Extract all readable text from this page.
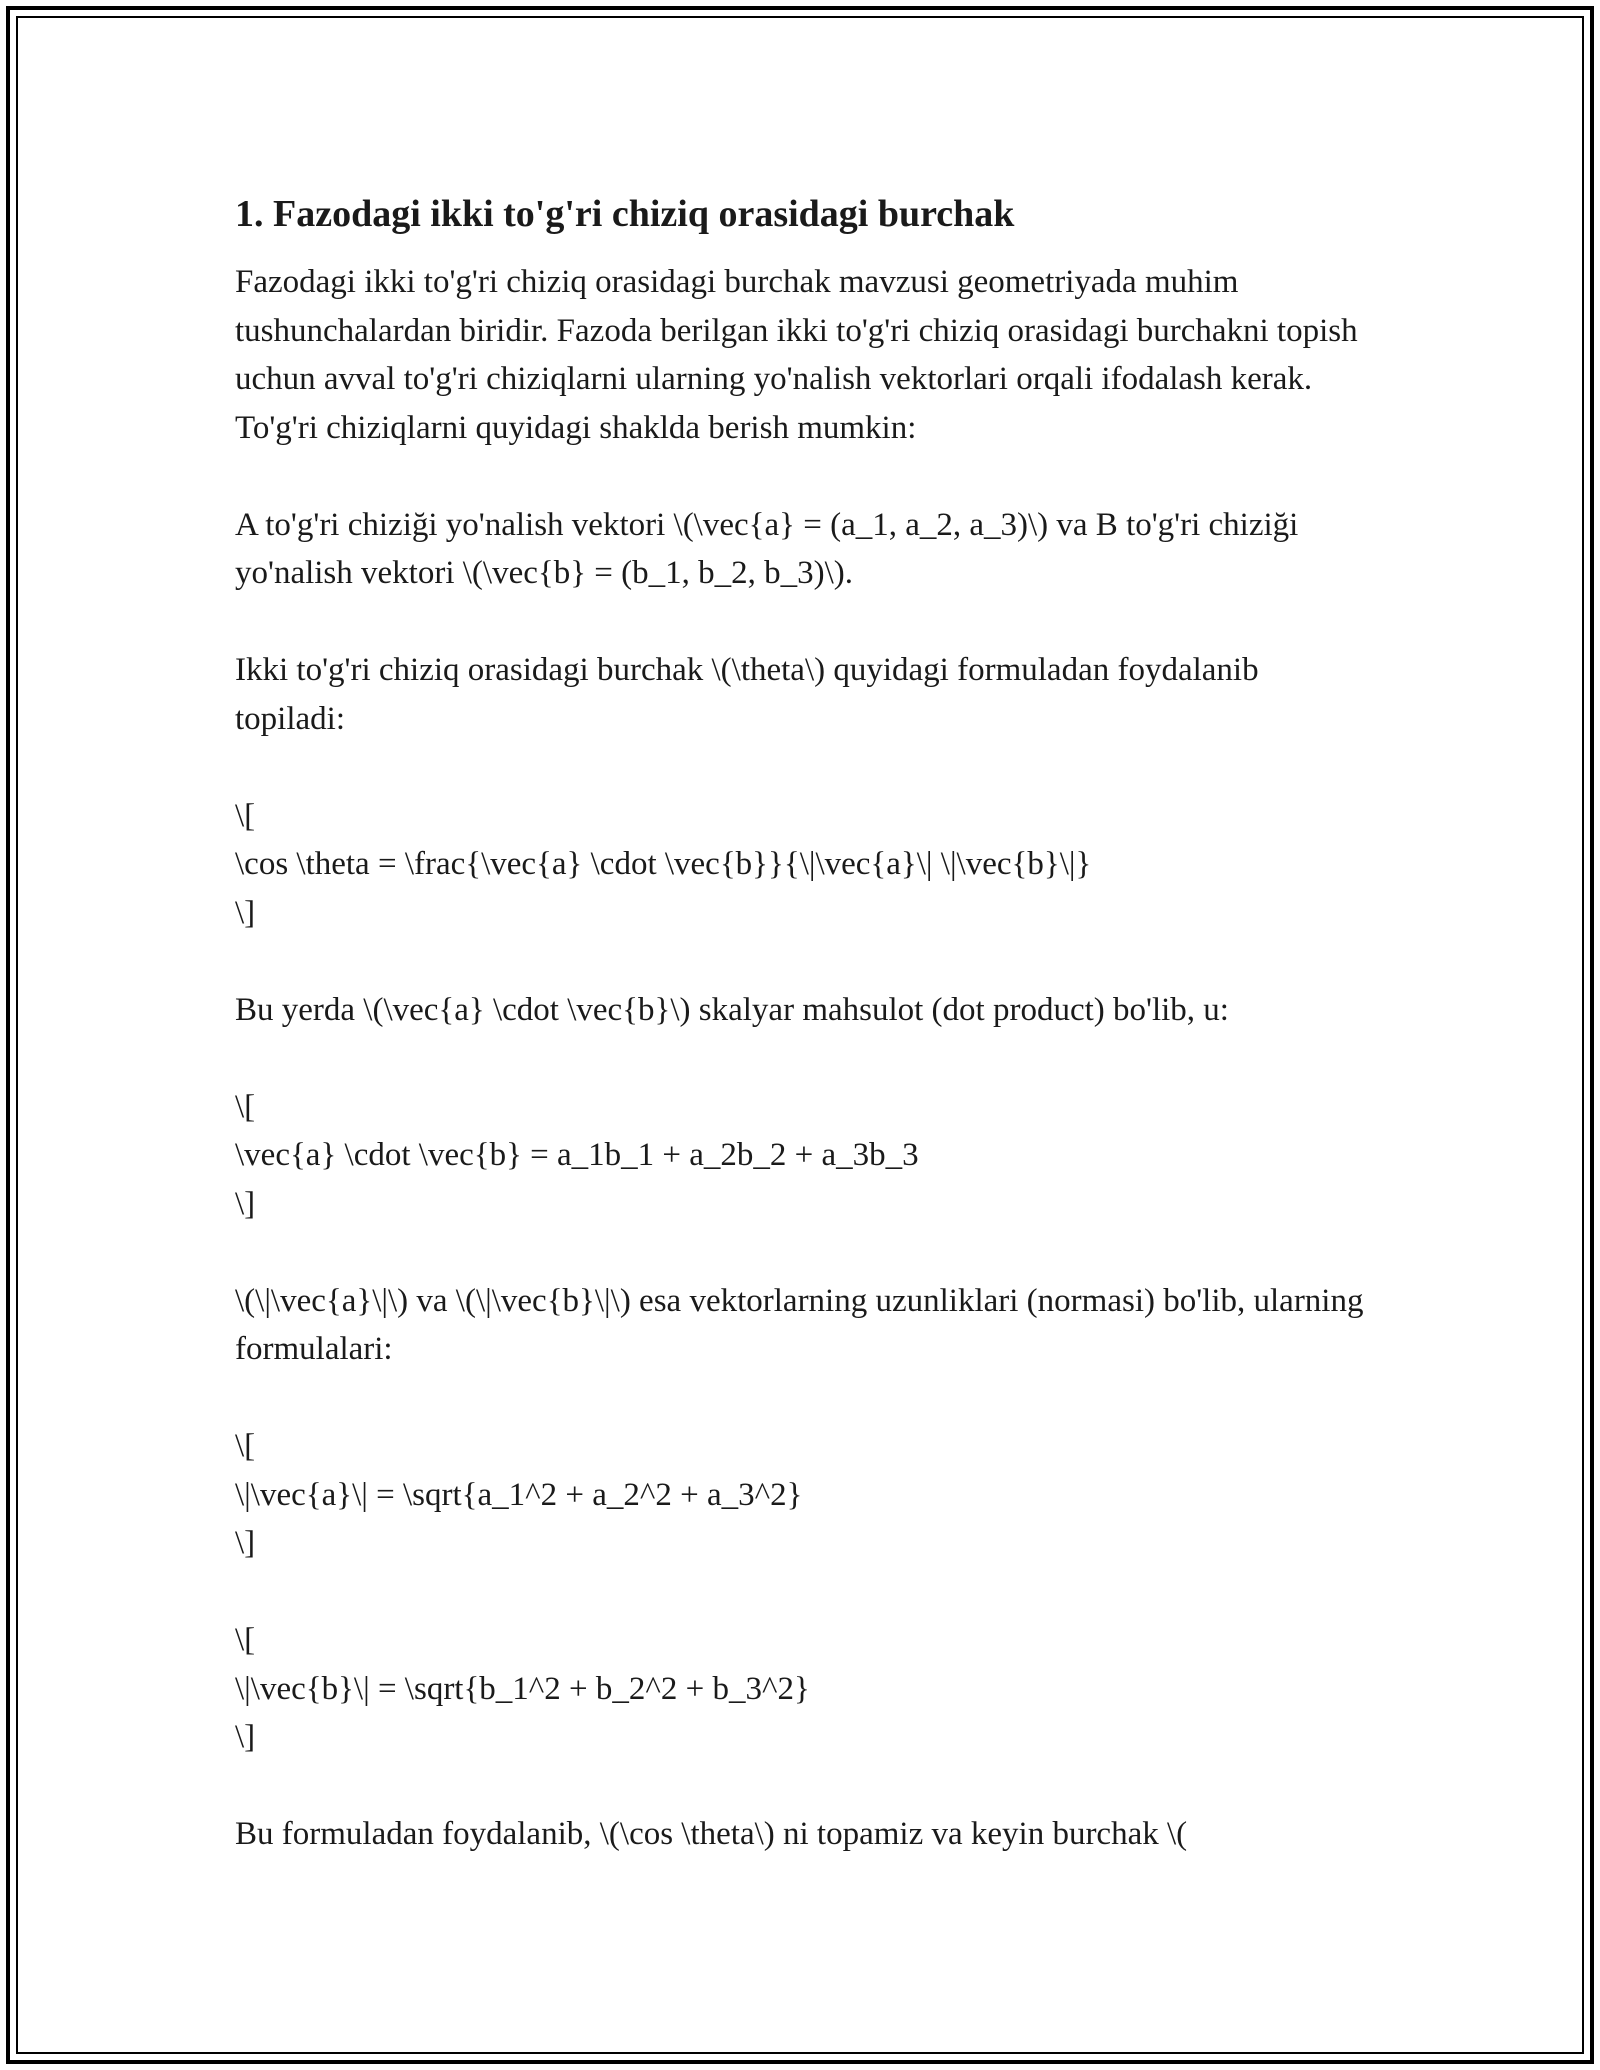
1. Fazodagi ikki to'g'ri chiziq orasidagi burchak

Fazodagi ikki to'g'ri chiziq orasidagi burchak mavzusi geometriyada muhim tushunchalardan biridir. Fazoda berilgan ikki to'g'ri chiziq orasidagi burchakni topish uchun avval to'g'ri chiziqlarni ularning yo'nalish vektorlari orqali ifodalash kerak. To'g'ri chiziqlarni quyidagi shaklda berish mumkin:

A to'g'ri chiziği yo'nalish vektori \(\vec{a} = (a_1, a_2, a_3)\) va B to'g'ri chiziği yo'nalish vektori \(\vec{b} = (b_1, b_2, b_3)\).

Ikki to'g'ri chiziq orasidagi burchak \(\theta\) quyidagi formuladan foydalanib topiladi:

\[
\cos \theta = \frac{\vec{a} \cdot \vec{b}}{\|\vec{a}\| \|\vec{b}\|}
\]

Bu yerda \(\vec{a} \cdot \vec{b}\) skalyar mahsulot (dot product) bo'lib, u:

\[
\vec{a} \cdot \vec{b} = a_1b_1 + a_2b_2 + a_3b_3
\]

\(\|\vec{a}\|\) va \(\|\vec{b}\|\) esa vektorlarning uzunliklari (normasi) bo'lib, ularning formulalari:

\[
\|\vec{a}\| = \sqrt{a_1^2 + a_2^2 + a_3^2}
\]
\[
\|\vec{b}\| = \sqrt{b_1^2 + b_2^2 + b_3^2}
\]

Bu formuladan foydalanib, \(\cos \theta\) ni topamiz va keyin burchak \(
